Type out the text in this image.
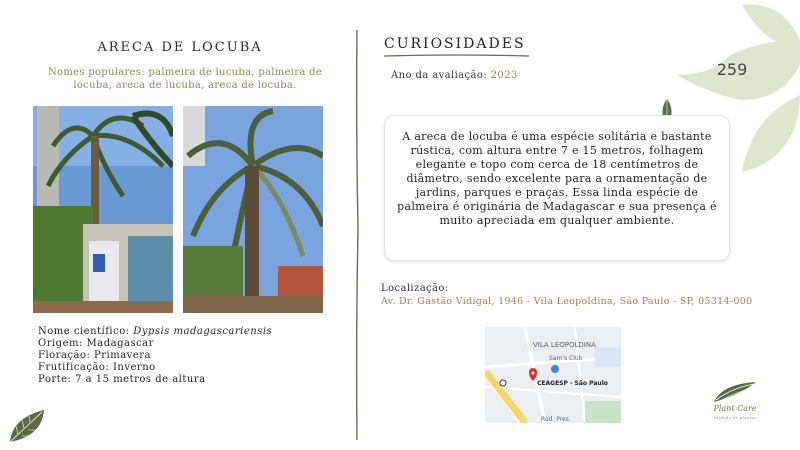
259
ARECA DE LOCUBA
Nomes populares: palmeira de lucuba, palmeira de locuba, areca de lucuba, areca de locuba.
Nome científico: Dypsis madagascariensis
Origem: Madagascar
Floração: Primavera
Frutificação: Inverno
Porte: 7 a 15 metros de altura
CURIOSIDADES
Ano da avaliação: 2023

A areca de locuba é uma espécie solitária e bastante rústica, com altura entre 7 e 15 metros, folhagem elegante e topo com cerca de 18 centímetros de diâmetro, sendo excelente para a ornamentação de jardins, parques e praças. Essa linda espécie de palmeira é originária de Madagascar e sua presença é muito apreciada em qualquer ambiente.

Localização:
Av. Dr. Gastão Vidigal, 1946 - Vila Leopoldina, São Paulo - SP, 05314-000
VILA LEOPOLDINA
Sam's Club
CEAGESP - São Paulo
Rod. Pres.
Plant Care
cuidado de plantas
